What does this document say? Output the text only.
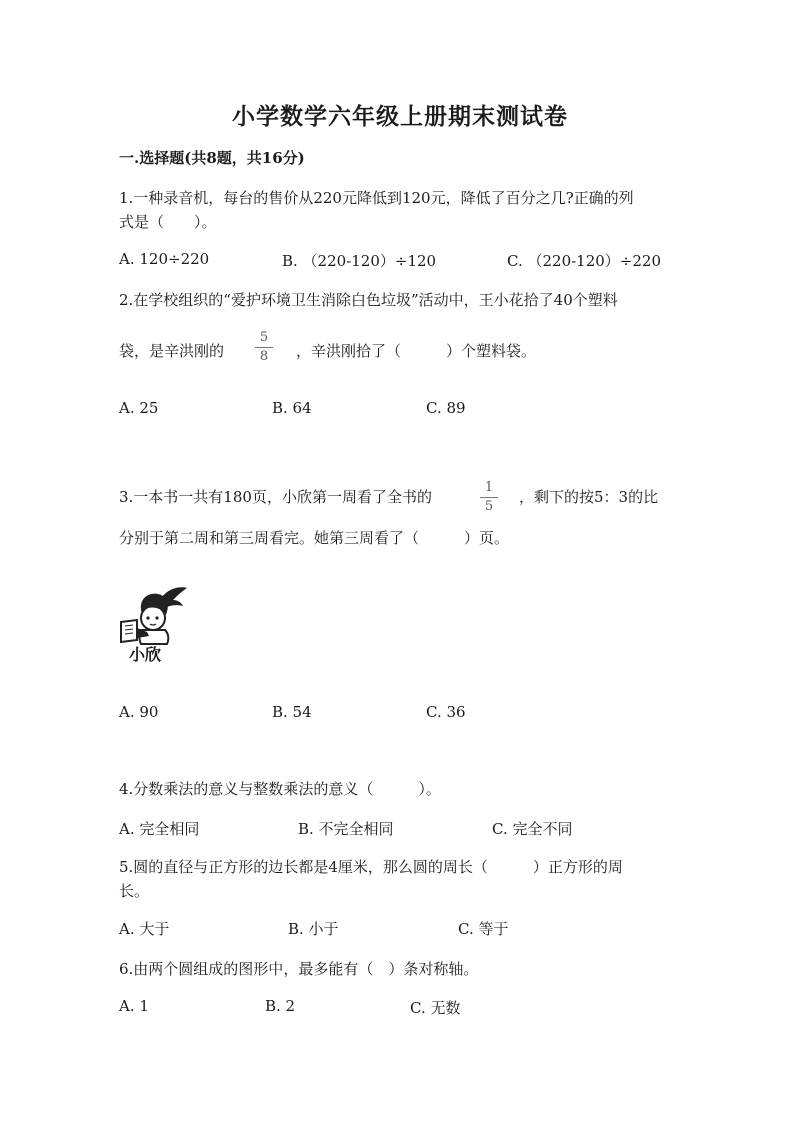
小学数学六年级上册期末测试卷
一.选择题(共8题，共16分)
1.一种录音机，每台的售价从220元降低到120元，降低了百分之几?正确的列
式是（　　）。
A. 120÷220	B. （220-120）÷120	C. （220-120）÷220
2.在学校组织的“爱护环境卫生消除白色垃圾”活动中，王小花拾了40个塑料
袋，是辛洪刚的
5
8	，辛洪刚拾了（　　　）个塑料袋。
A. 25	B. 64	C. 89
3.一本书一共有180页，小欣第一周看了全书的
1
5
，剩下的按5：3的比
分别于第二周和第三周看完。她第三周看了（　　　）页。
小欣
A. 90	B. 54	C. 36
4.分数乘法的意义与整数乘法的意义（　　　）。
A. 完全相同	B. 不完全相同	C. 完全不同
5.圆的直径与正方形的边长都是4厘米，那么圆的周长（　　　）正方形的周
长。
A. 大于	B. 小于	C. 等于
6.由两个圆组成的图形中，最多能有（　）条对称轴。
A. 1	B. 2	C. 无数
